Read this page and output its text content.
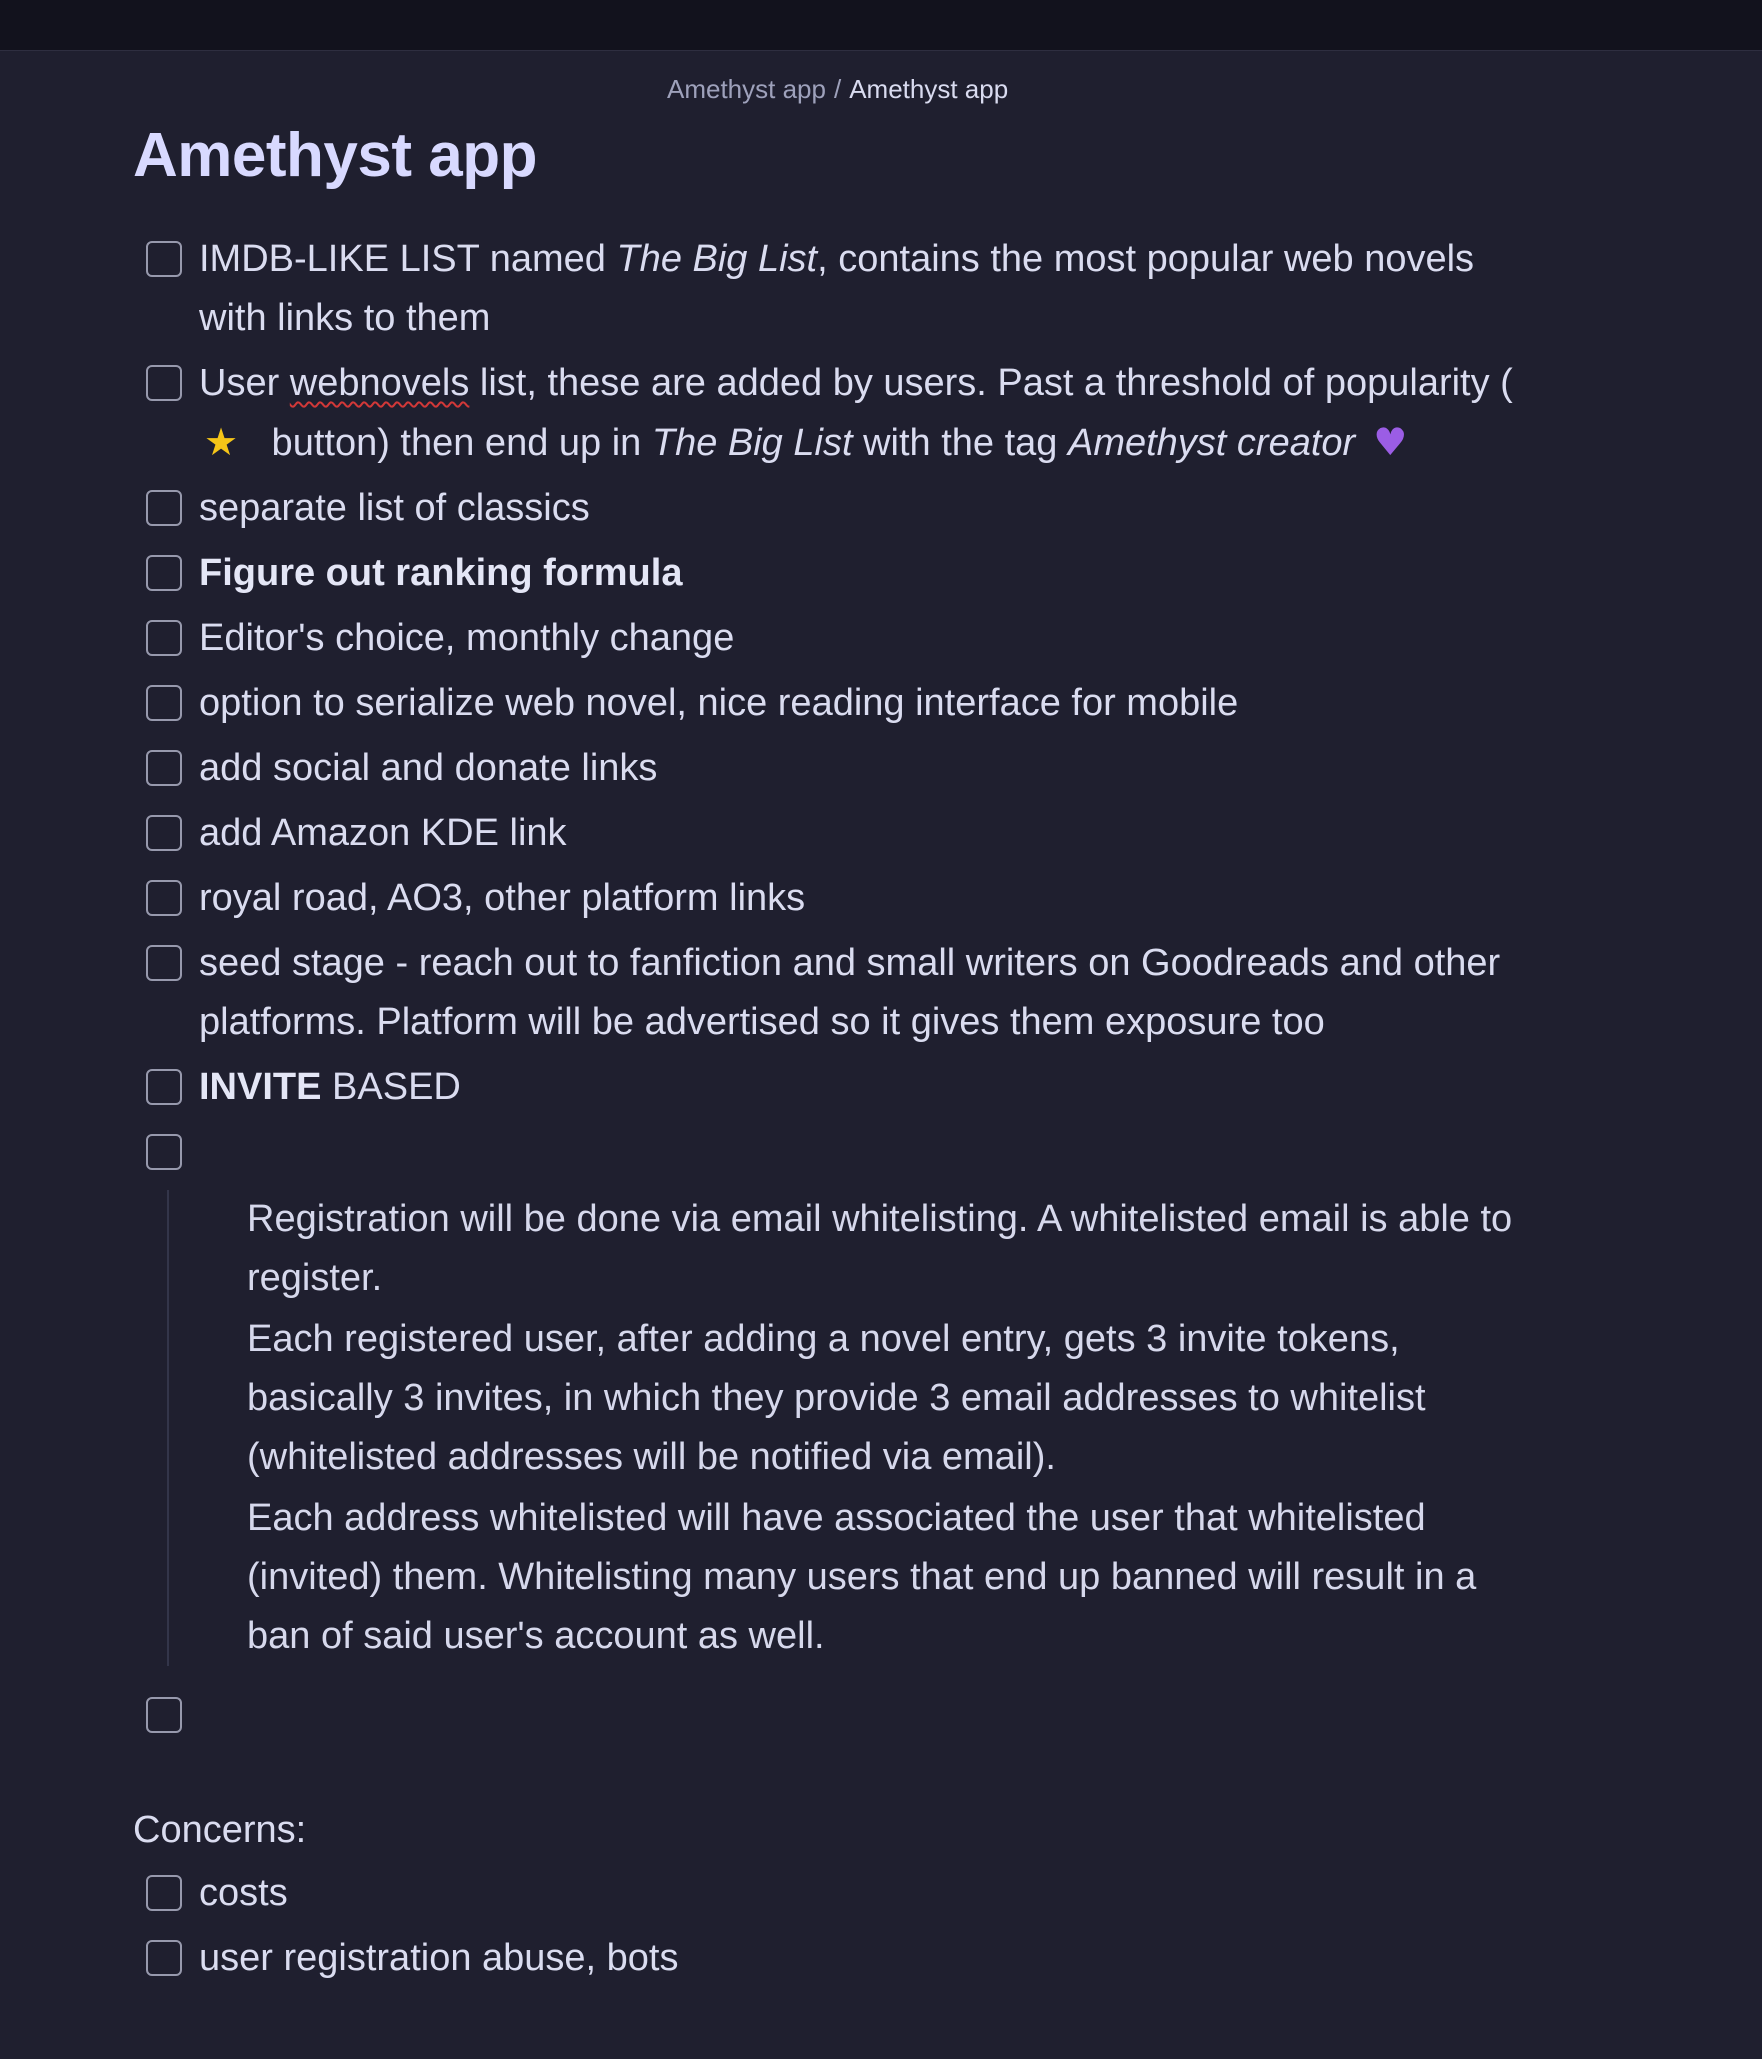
Amethyst app / Amethyst app
Amethyst app
IMDB-LIKE LIST named The Big List, contains the most popular web novels with links to them
User webnovels list, these are added by users. Past a threshold of popularity (★ button) then end up in The Big List with the tag Amethyst creator ♥
separate list of classics
Figure out ranking formula
Editor's choice, monthly change
option to serialize web novel, nice reading interface for mobile
add social and donate links
add Amazon KDE link
royal road, AO3, other platform links
seed stage - reach out to fanfiction and small writers on Goodreads and other platforms. Platform will be advertised so it gives them exposure too
INVITE BASED

Registration will be done via email whitelisting. A whitelisted email is able to register.

Each registered user, after adding a novel entry, gets 3 invite tokens, basically 3 invites, in which they provide 3 email addresses to whitelist (whitelisted addresses will be notified via email).

Each address whitelisted will have associated the user that whitelisted (invited) them. Whitelisting many users that end up banned will result in a ban of said user's account as well.

Concerns:
costs
user registration abuse, bots
